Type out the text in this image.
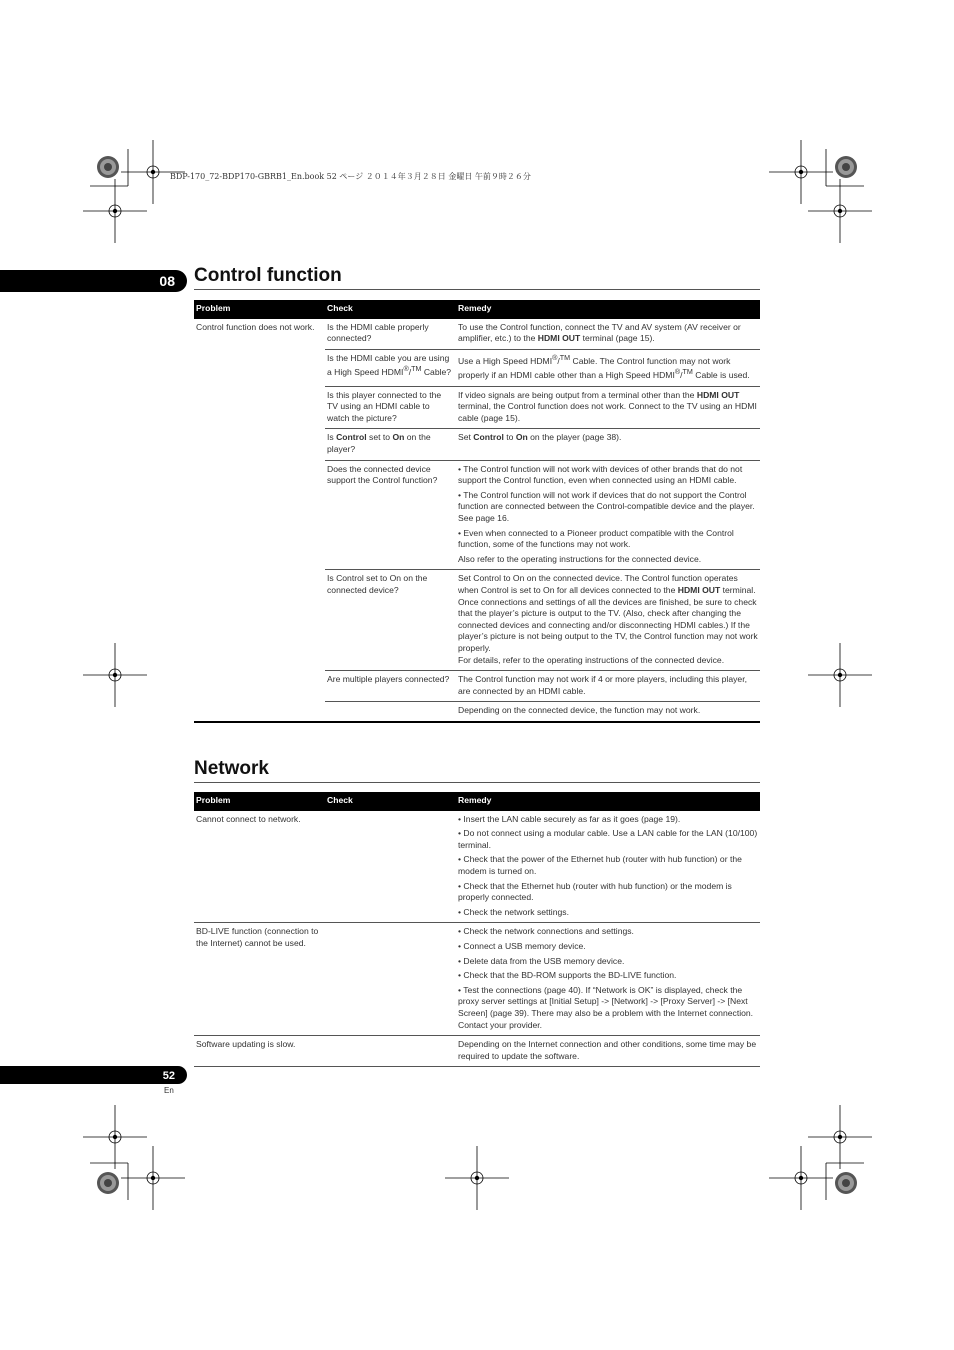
BDP-170_72-BDP170-GBRB1_En.book 52 ページ ２０１４年３月２８日 金曜日 午前９時２６分
08 Control function
Problem	Check	Remedy
Control function does not work.	Is the HDMI cable properly connected?	To use the Control function, connect the TV and AV system (AV receiver or amplifier, etc.) to the HDMI OUT terminal (page 15).

	Is the HDMI cable you are using a High Speed HDMI®/™ Cable?	Use a High Speed HDMI®/™ Cable. The Control function may not work properly if an HDMI cable other than a High Speed HDMI®/™ Cable is used.

	Is this player connected to the TV using an HDMI cable to watch the picture?	If video signals are being output from a terminal other than the HDMI OUT terminal, the Control function does not work. Connect to the TV using an HDMI cable (page 15).

	Is Control set to On on the player?	Set Control to On on the player (page 38).

	Does the connected device support the Control function?	• The Control function will not work with devices of other brands that do not support the Control function, even when connected using an HDMI cable.

• The Control function will not work if devices that do not support the Control function are connected between the Control-compatible device and the player. See page 16.

• Even when connected to a Pioneer product compatible with the Control function, some of the functions may not work.

Also refer to the operating instructions for the connected device.

	Is Control set to On on the connected device?	Set Control to On on the connected device. The Control function operates when Control is set to On for all devices connected to the HDMI OUT terminal.
Once connections and settings of all the devices are finished, be sure to check that the player’s picture is output to the TV. (Also, check after changing the connected devices and connecting and/or disconnecting HDMI cables.) If the player’s picture is not being output to the TV, the Control function may not work properly.
For details, refer to the operating instructions of the connected device.
	Are multiple players connected?	The Control function may not work if 4 or more players, including this player, are connected by an HDMI cable.

		Depending on the connected device, the function may not work.

Network
Problem	Check	Remedy
Cannot connect to network.		• Insert the LAN cable securely as far as it goes (page 19).

• Do not connect using a modular cable. Use a LAN cable for the LAN (10/100) terminal.

• Check that the power of the Ethernet hub (router with hub function) or the modem is turned on.

• Check that the Ethernet hub (router with hub function) or the modem is properly connected.

• Check the network settings.

BD-LIVE function (connection to the Internet) cannot be used.		• Check the network connections and settings.

• Connect a USB memory device.

• Delete data from the USB memory device.

• Check that the BD-ROM supports the BD-LIVE function.

• Test the connections (page 40). If “Network is OK” is displayed, check the proxy server settings at [Initial Setup] -> [Network] -> [Proxy Server] -> [Next Screen] (page 39). There may also be a problem with the Internet connection. Contact your provider.

Software updating is slow.		Depending on the Internet connection and other conditions, some time may be required to update the software.

52
En
